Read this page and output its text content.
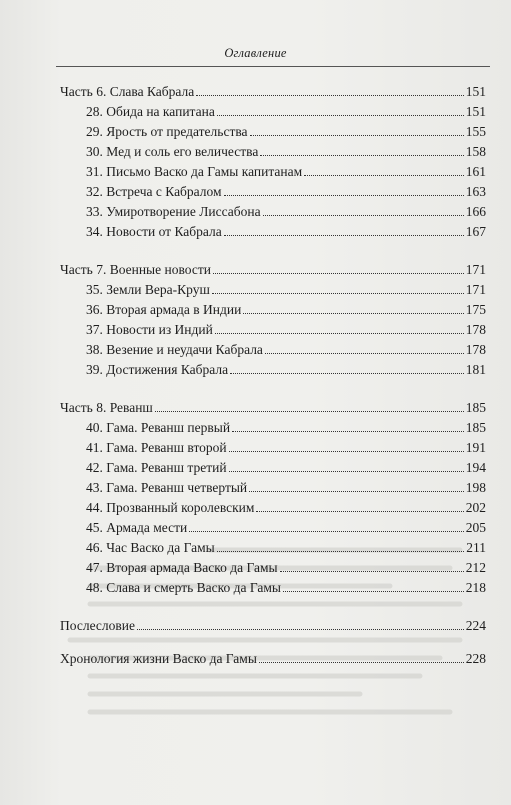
Оглавление
Часть 6. Слава Кабрала	151
28. Обида на капитана	151
29. Ярость от предательства	155
30. Мед и соль его величества	158
31. Письмо Васко да Гамы капитанам	161
32. Встреча с Кабралом	163
33. Умиротворение Лиссабона	166
34. Новости от Кабрала	167
Часть 7. Военные новости	171
35. Земли Вера-Круш	171
36. Вторая армада в Индии	175
37. Новости из Индий	178
38. Везение и неудачи Кабрала	178
39. Достижения Кабрала	181
Часть 8. Реванш	185
40. Гама. Реванш первый	185
41. Гама. Реванш второй	191
42. Гама. Реванш третий	194
43. Гама. Реванш четвертый	198
44. Прозванный королевским	202
45. Армада мести	205
46. Час Васко да Гамы	211
47. Вторая армада Васко да Гамы	212
48. Слава и смерть Васко да Гамы	218
Послесловие	224
Хронология жизни Васко да Гамы	228
